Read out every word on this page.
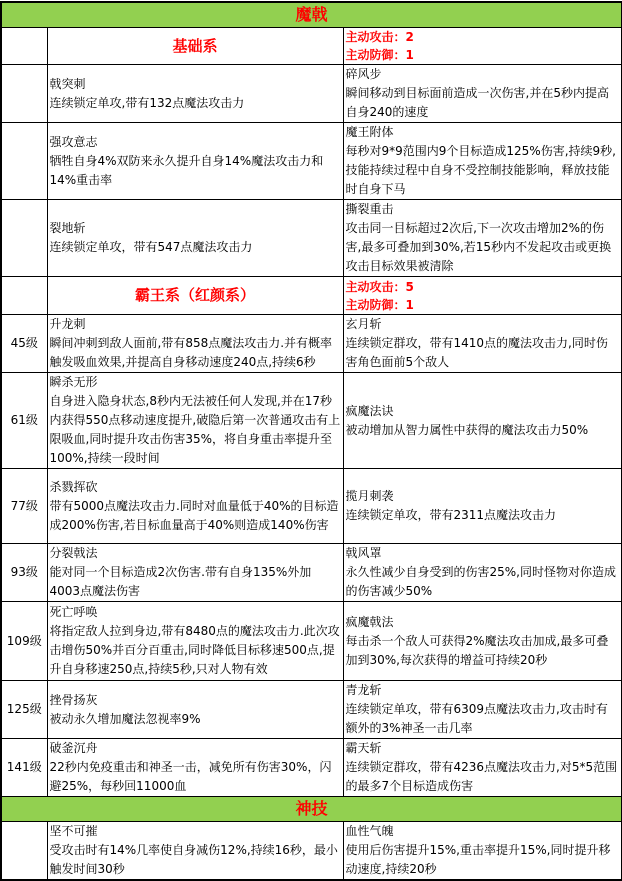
魔戟		
	基础系	主动攻击：2
主动防御：1

	戟突刺
连续锁定单攻,带有132点魔法攻击力	碎风步
瞬间移动到目标面前造成一次伤害,并在5秒内提高自身240的速度

	强攻意志
牺牲自身4%双防来永久提升自身14%魔法攻击力和14%重击率	魔王附体
每秒对9*9范围内9个目标造成125%伤害,持续9秒,技能持续过程中自身不受控制技能影响，释放技能时自身下马

	裂地斩
连续锁定单攻，带有547点魔法攻击力	撕裂重击
攻击同一目标超过2次后,下一次攻击增加2%的伤害,最多可叠加到30%,若15秒内不发起攻击或更换攻击目标效果被清除

	霸王系（红颜系）	主动攻击：5
主动防御：1

45级	升龙刺
瞬间冲刺到敌人面前,带有858点魔法攻击力.并有概率触发吸血效果,并提高自身移动速度240点,持续6秒	玄月斩
连续锁定群攻，带有1410点的魔法攻击力,同时伤害角色面前5个敌人

61级	瞬杀无形
自身进入隐身状态,8秒内无法被任何人发现,并在17秒内获得550点移动速度提升,破隐后第一次普通攻击有上限吸血,同时提升攻击伤害35%，将自身重击率提升至100%,持续一段时间	疯魔法诀
被动增加从智力属性中获得的魔法攻击力50%

77级	杀戮挥砍
带有5000点魔法攻击力.同时对血量低于40%的目标造成200%伤害,若目标血量高于40%则造成140%伤害	揽月刺袭
连续锁定单攻，带有2311点魔法攻击力

93级	分裂戟法
能对同一个目标造成2次伤害.带有自身135%外加4003点魔法伤害	戟风罩
永久性减少自身受到的伤害25%,同时怪物对你造成的伤害减少50%

109级	死亡呼唤
将指定敌人拉到身边,带有8480点的魔法攻击力.此次攻击增伤50%并百分百重击,同时降低目标移速500点,提升自身移速250点,持续5秒,只对人物有效	疯魔戟法
每击杀一个敌人可获得2%魔法攻击加成,最多可叠加到30%,每次获得的增益可持续20秒

125级	挫骨扬灰
被动永久增加魔法忽视率9%	青龙斩
连续锁定单攻，带有6309点魔法攻击力,攻击时有额外的3%神圣一击几率

141级	破釜沉舟
22秒内免疫重击和神圣一击，减免所有伤害30%，闪避25%，每秒回11000血	霸天斩
连续锁定群攻，带有4236点魔法攻击力,对5*5范围的最多7个目标造成伤害

神技		

	坚不可摧
受攻击时有14%几率使自身减伤12%,持续16秒，最小触发时间30秒	血性气魄
使用后伤害提升15%,重击率提升15%,同时提升移动速度,持续20秒
